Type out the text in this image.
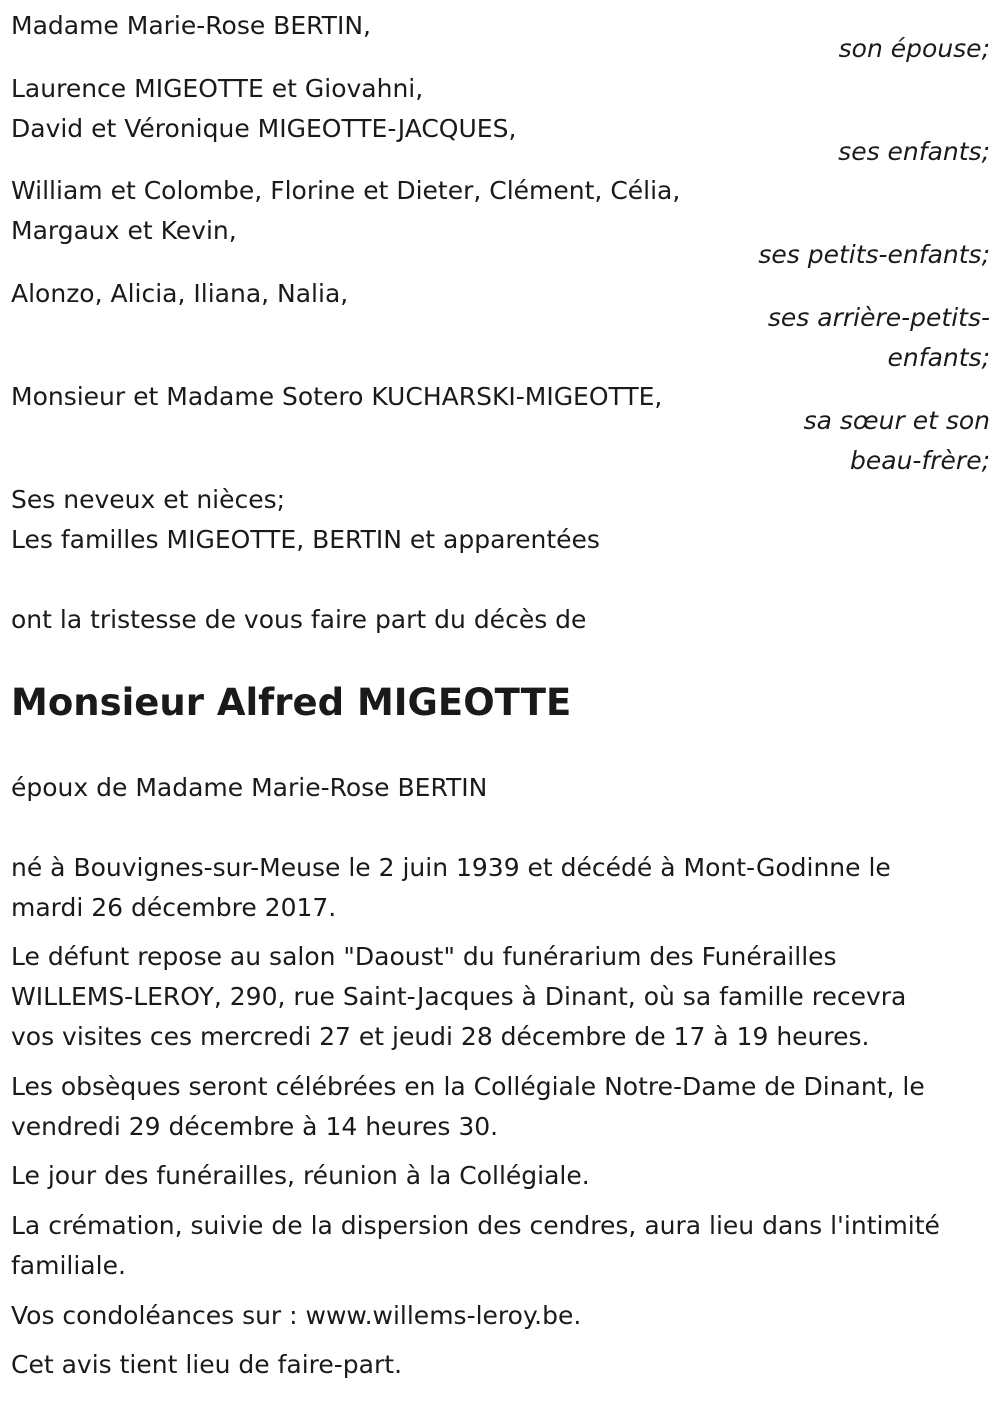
Madame Marie-Rose BERTIN,

son épouse;

Laurence MIGEOTTE et Giovahni,

David et Véronique MIGEOTTE-JACQUES,

ses enfants;

William et Colombe, Florine et Dieter, Clément, Célia,

Margaux et Kevin,

ses petits-enfants;

Alonzo, Alicia, Iliana, Nalia,

ses arrière-petits-

enfants;

Monsieur et Madame Sotero KUCHARSKI-MIGEOTTE,

sa sœur et son

beau-frère;

Ses neveux et nièces;

Les familles MIGEOTTE, BERTIN et apparentées

ont la tristesse de vous faire part du décès de

Monsieur Alfred MIGEOTTE

époux de Madame Marie-Rose BERTIN

né à Bouvignes-sur-Meuse le 2 juin 1939 et décédé à Mont-Godinne le

mardi 26 décembre 2017.

Le défunt repose au salon "Daoust" du funérarium des Funérailles

WILLEMS-LEROY, 290, rue Saint-Jacques à Dinant, où sa famille recevra

vos visites ces mercredi 27 et jeudi 28 décembre de 17 à 19 heures.

Les obsèques seront célébrées en la Collégiale Notre-Dame de Dinant, le

vendredi 29 décembre à 14 heures 30.

Le jour des funérailles, réunion à la Collégiale.

La crémation, suivie de la dispersion des cendres, aura lieu dans l'intimité

familiale.

Vos condoléances sur : www.willems-leroy.be.

Cet avis tient lieu de faire-part.
